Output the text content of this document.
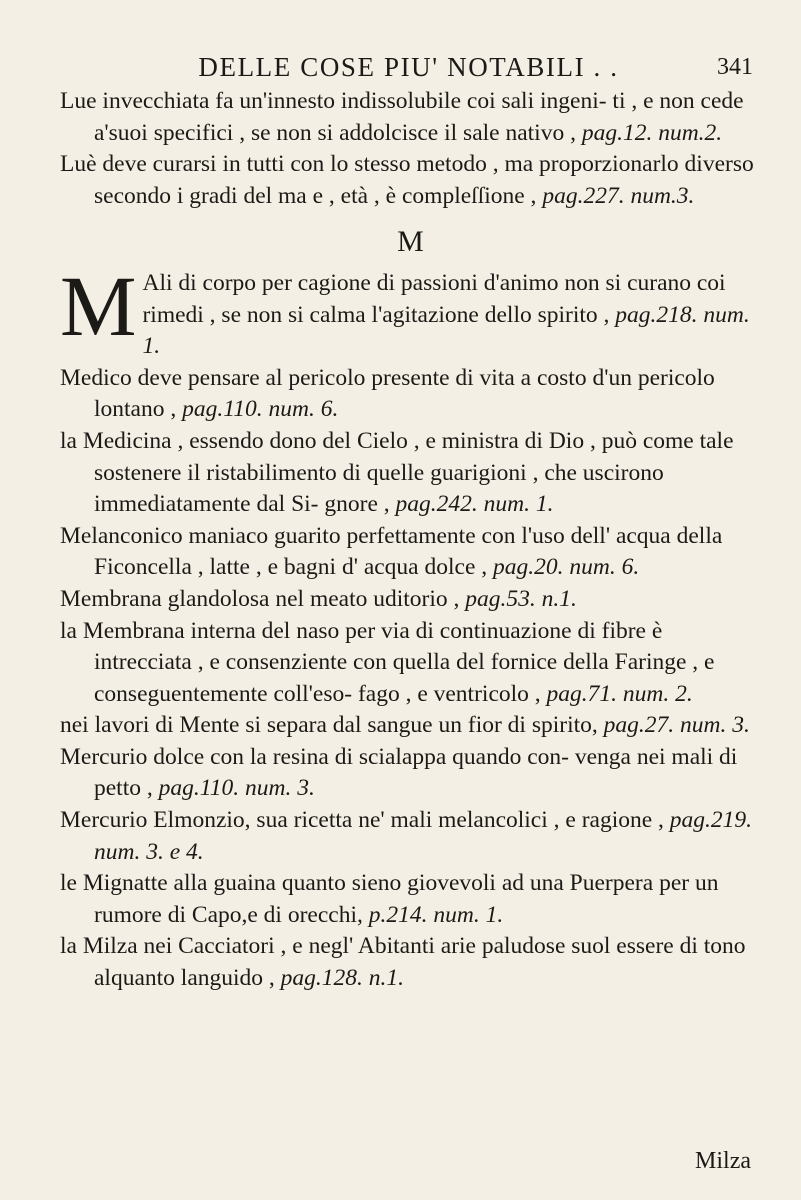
DELLE COSE PIU' NOTABILI . .	341

Lue invecchiata fa un'innesto indissolubile coi sali ingeni- ti , e non cede a'suoi specifici , se non si addolcisce il sale nativo , pag.12. num.2.

Luè deve curarsi in tutti con lo stesso metodo , ma proporzionarlo diverso secondo i gradi del ma e , età , è compleſſione , pag.227. num.3.

M

M Ali di corpo per cagione di passioni d'animo non si curano coi rimedi , se non si calma l'agitazione dello spirito , pag.218. num. 1.

Medico deve pensare al pericolo presente di vita a costo d'un pericolo lontano , pag.110. num. 6.

la Medicina , essendo dono del Cielo , e ministra di Dio , può come tale sostenere il ristabilimento di quelle guarigioni , che uscirono immediatamente dal Si- gnore , pag.242. num. 1.

Melanconico maniaco guarito perfettamente con l'uso dell' acqua della Ficoncella , latte , e bagni d' acqua dolce , pag.20. num. 6.

Membrana glandolosa nel meato uditorio , pag.53. n.1.

la Membrana interna del naso per via di continuazione di fibre è intrecciata , e consenziente con quella del fornice della Faringe , e conseguentemente coll'eso- fago , e ventricolo , pag.71. num. 2.

nei lavori di Mente si separa dal sangue un fior di spirito, pag.27. num. 3.

Mercurio dolce con la resina di scialappa quando con- venga nei mali di petto , pag.110. num. 3.

Mercurio Elmonzio, sua ricetta ne' mali melancolici , e ragione , pag.219. num. 3. e 4.

le Mignatte alla guaina quanto sieno giovevoli ad una Puerpera per un rumore di Capo,e di orecchi, p.214. num. 1.

la Milza nei Cacciatori , e negl' Abitanti arie paludose suol essere di tono alquanto languido , pag.128. n.1.

Milza
